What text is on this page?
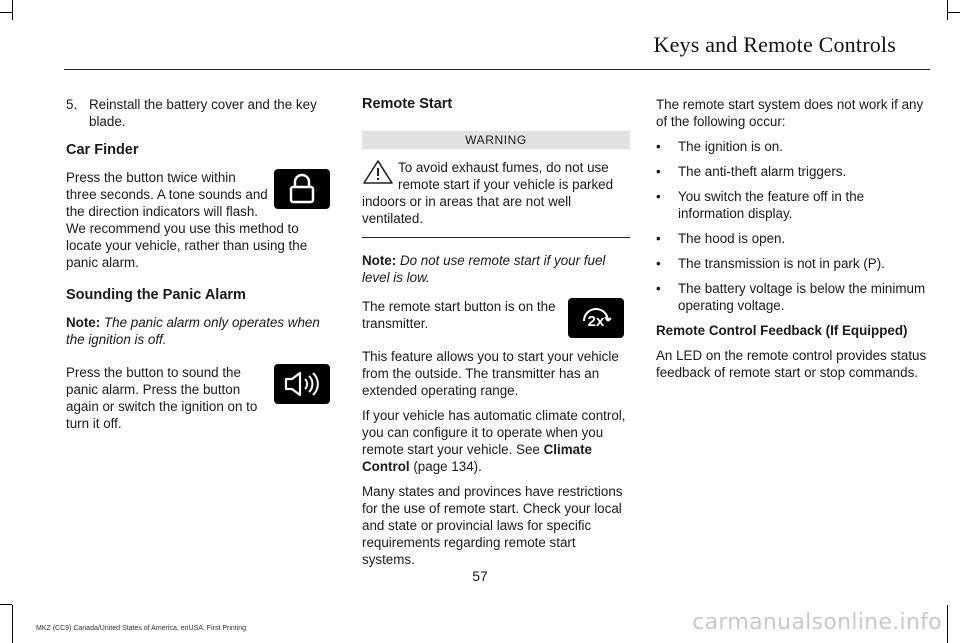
Keys and Remote Controls
5. Reinstall the battery cover and the key blade.
Car Finder

Press the button twice within three seconds. A tone sounds and the direction indicators will flash. We recommend you use this method to locate your vehicle, rather than using the panic alarm.

Sounding the Panic Alarm

Note: The panic alarm only operates when the ignition is off.

Press the button to sound the panic alarm. Press the button again or switch the ignition on to turn it off.

Remote Start
WARNING

To avoid exhaust fumes, do not use remote start if your vehicle is parked indoors or in areas that are not well ventilated.

Note: Do not use remote start if your fuel level is low.

2x

The remote start button is on the transmitter.

This feature allows you to start your vehicle from the outside. The transmitter has an extended operating range.

If your vehicle has automatic climate control, you can configure it to operate when you remote start your vehicle. See Climate Control (page 134).

Many states and provinces have restrictions for the use of remote start. Check your local and state or provincial laws for specific requirements regarding remote start systems.

The remote start system does not work if any of the following occur:

•	The ignition is on.
•	The anti-theft alarm triggers.
•	You switch the feature off in the information display.
•	The hood is open.
•	The transmission is not in park (P).
•	The battery voltage is below the minimum operating voltage.
Remote Control Feedback (If Equipped)

An LED on the remote control provides status feedback of remote start or stop commands.

57
MKZ (CC9) Canada/United States of America, enUSA, First Printing	carmanualsonline.info
